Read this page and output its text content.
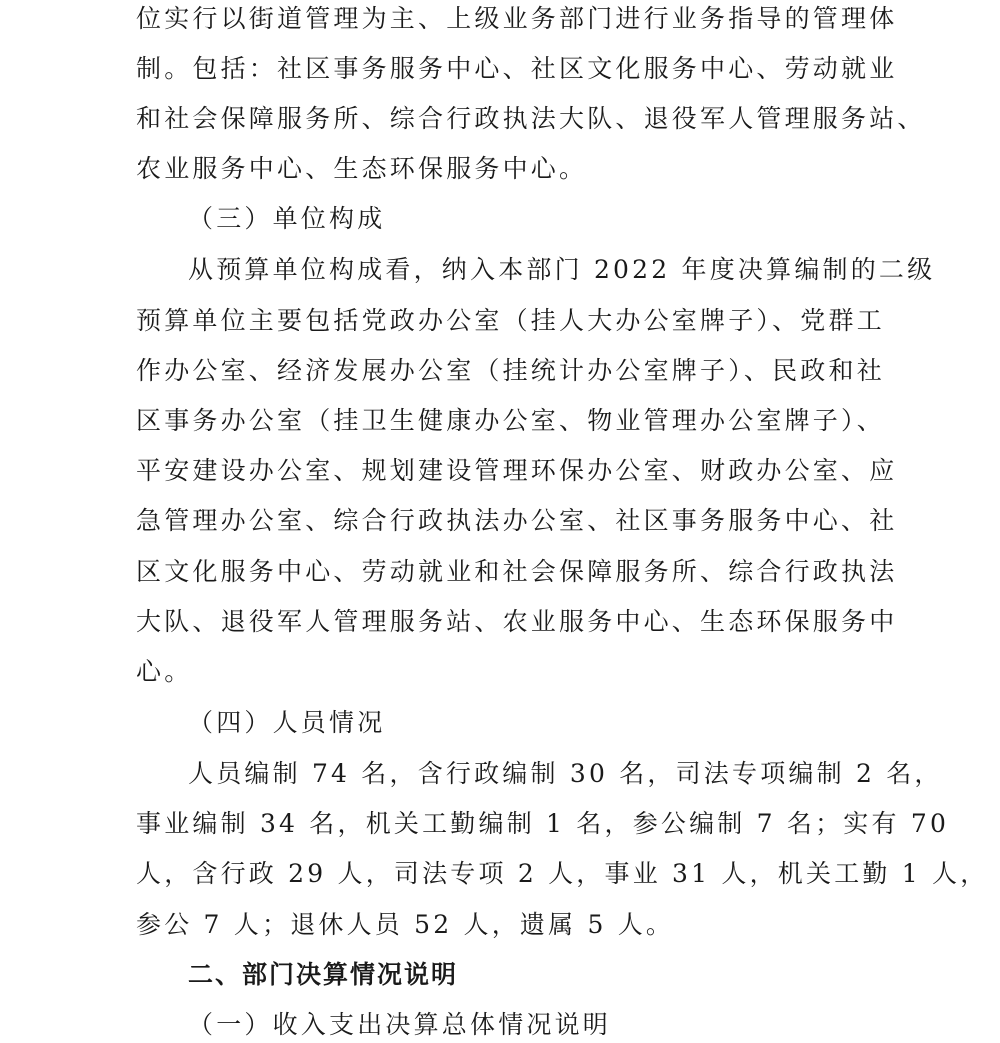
位实行以街道管理为主、上级业务部门进行业务指导的管理体
制。包括：社区事务服务中心、社区文化服务中心、劳动就业
和社会保障服务所、综合行政执法大队、退役军人管理服务站、
农业服务中心、生态环保服务中心。
（三）单位构成
从预算单位构成看，纳入本部门 2022 年度决算编制的二级
预算单位主要包括党政办公室（挂人大办公室牌子）、党群工
作办公室、经济发展办公室（挂统计办公室牌子）、民政和社
区事务办公室（挂卫生健康办公室、物业管理办公室牌子）、
平安建设办公室、规划建设管理环保办公室、财政办公室、应
急管理办公室、综合行政执法办公室、社区事务服务中心、社
区文化服务中心、劳动就业和社会保障服务所、综合行政执法
大队、退役军人管理服务站、农业服务中心、生态环保服务中
心。
（四）人员情况
人员编制 74 名，含行政编制 30 名，司法专项编制 2 名，
事业编制 34 名，机关工勤编制 1 名，参公编制 7 名；实有 70
人，含行政 29 人，司法专项 2 人，事业 31 人，机关工勤 1 人，
参公 7 人；退休人员 52 人，遗属 5 人。
二、部门决算情况说明
（一）收入支出决算总体情况说明
